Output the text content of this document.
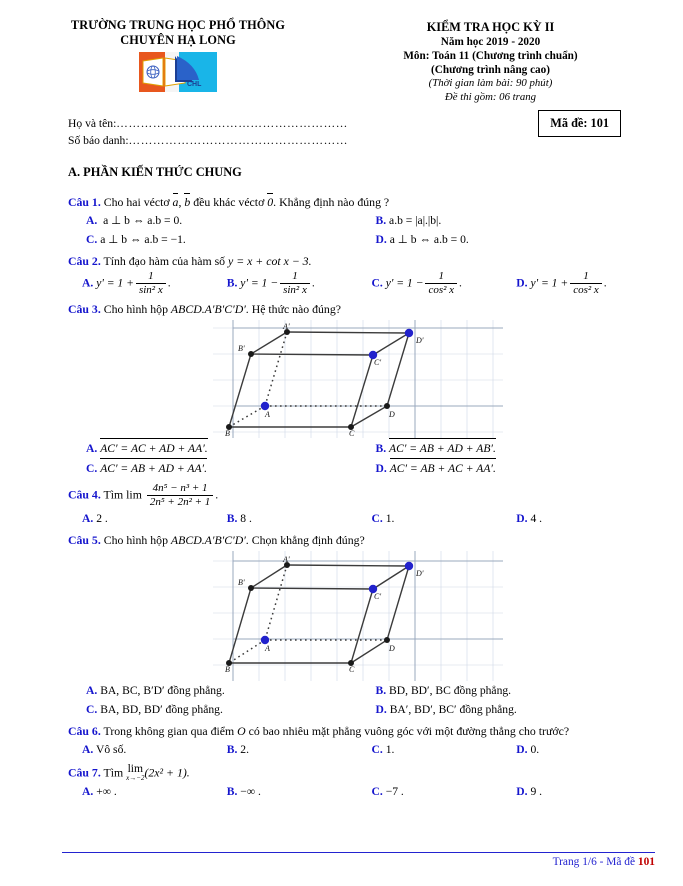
TRƯỜNG TRUNG HỌC PHỔ THÔNG
CHUYÊN HẠ LONG
CHL
KIỂM TRA HỌC KỲ II
Năm học 2019 - 2020
Môn: Toán 11 (Chương trình chuẩn)
(Chương trình nâng cao)
(Thời gian làm bài: 90 phút)
Đề thi gồm: 06 trang
Họ và tên:…………………………………………………
Số báo danh:………………………………………………
Mã đề: 101
A. PHẦN KIẾN THỨC CHUNG
Câu 1. Cho hai véctơ a, b đều khác véctơ 0. Khẳng định nào đúng ?
A. a ⊥ b ⇔ a.b = 0.	B. a.b = |a|.|b|.
C. a ⊥ b ⇔ a.b = −1.	D. a ⊥ b ⇔ a.b = 0.
Câu 2. Tính đạo hàm của hàm số y = x + cot x − 3.
A. $y' = 1 + \frac{1}{\text{sin² x}}$ .	B. $y' = 1 - \frac{1}{\text{sin² x}}$ .	C. $y' = 1 - \frac{1}{\text{cos² x}}$ .	D. $y' = 1 + \frac{1}{\text{cos² x}}$ .
Câu 3. Cho hình hộp ABCD.A′B′C′D′. Hệ thức nào đúng?
A'
B'
D'
C'
A
B	C
D
A. AC′ = AC + AD + AA′.	B. AC′ = AB + AD + AB′.
C. AC′ = AB + AD + AA′.	D. AC′ = AB + AC + AA′.
Câu 4. Tìm $\lim \frac{\text{4n⁵ − n³ + 1}}{\text{2n⁵ + 2n² + 1}}$ .
A. 2 .	B. 8 .	C. 1.	D. 4 .
Câu 5. Cho hình hộp ABCD.A′B′C′D′. Chọn khẳng định đúng?
A'
B'
D'
C'
A
B	C
D
A. BA, BC, B′D′ đồng phẳng.	B. BD, BD′, BC đồng phẳng.
C. BA, BD, BD′ đồng phẳng.	D. BA′, BD′, BC′ đồng phẳng.
Câu 6. Trong không gian qua điểm O có bao nhiêu mặt phẳng vuông góc với một đường thẳng cho trước?
A. Vô số.	B. 2.	C. 1.	D. 0.
Câu 7. Tìm lim
x→−2 (2x² + 1).
A. +∞ .	B. −∞ .	C. −7 .	D. 9 .
Trang 1/6 - Mã đề 101
